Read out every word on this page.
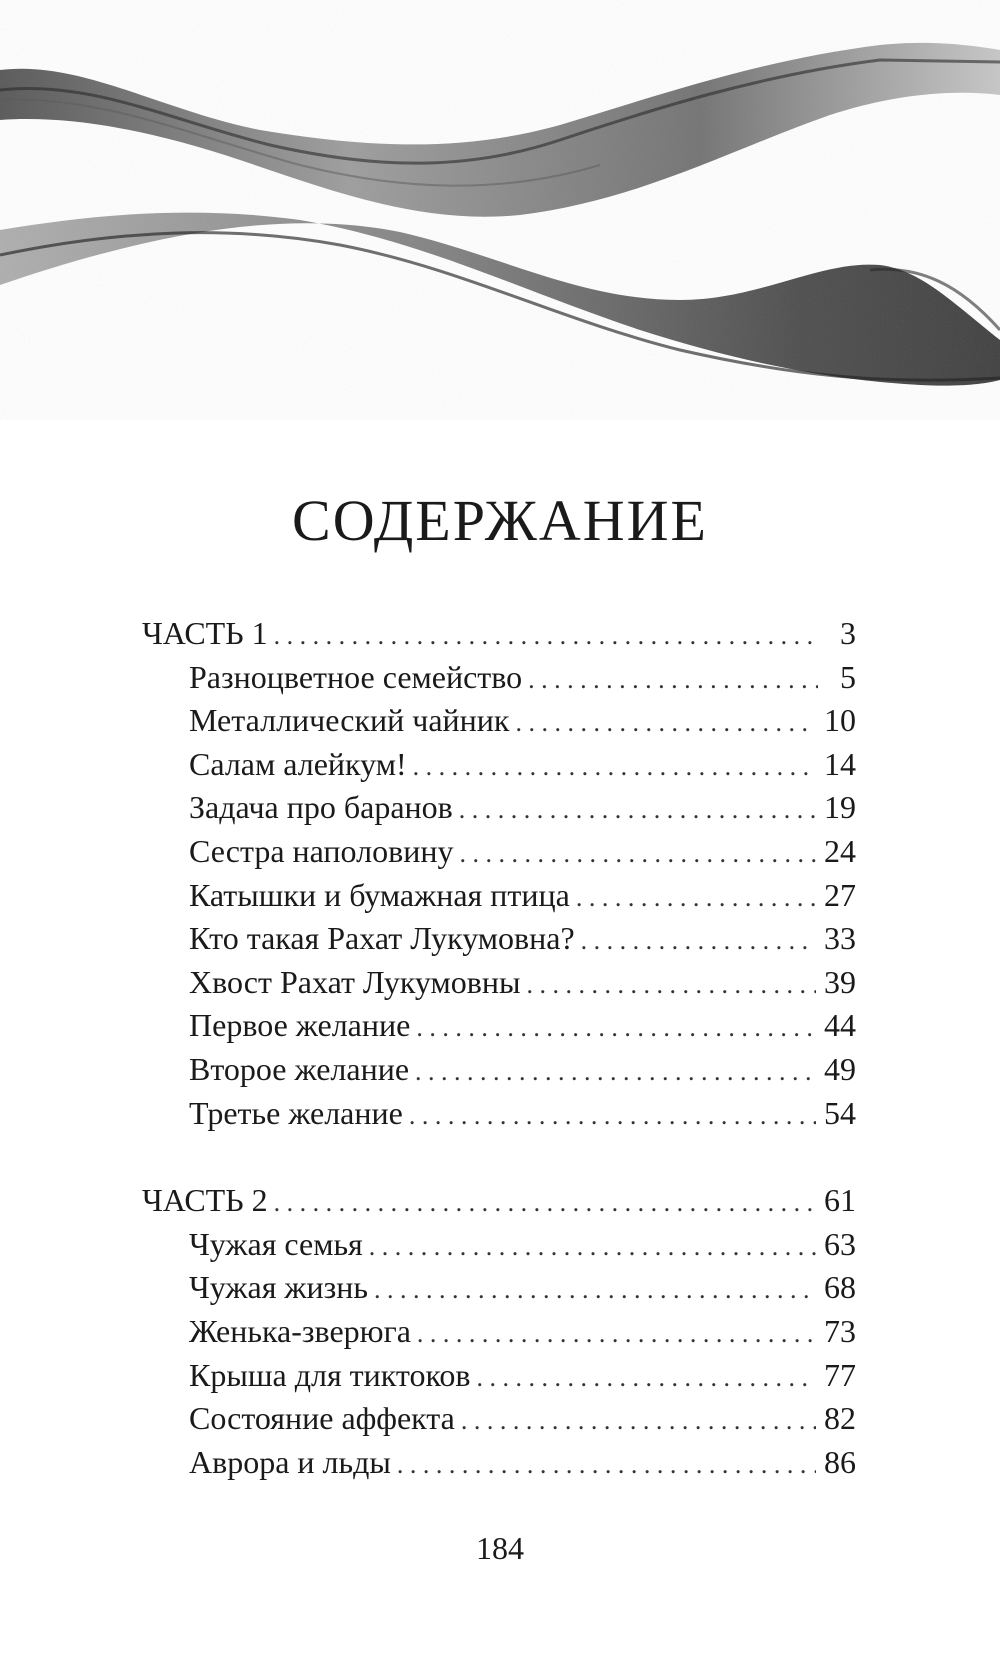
СОДЕРЖАНИЕ
ЧАСТЬ 1 . . .	3
Разноцветное семейство . . .	5
Металлический чайник . . .	10
Салам алейкум! . . .	14
Задача про баранов . . .	19
Сестра наполовину . . .	24
Катышки и бумажная птица . . .	27
Кто такая Рахат Лукумовна? . . .	33
Хвост Рахат Лукумовны . . .	39
Первое желание . . .	44
Второе желание . . .	49
Третье желание . . .	54
ЧАСТЬ 2 . . .	61
Чужая семья . . .	63
Чужая жизнь . . .	68
Женька-зверюга . . .	73
Крыша для тиктоков . . .	77
Состояние аффекта . . .	82
Аврора и льды . . .	86
184
